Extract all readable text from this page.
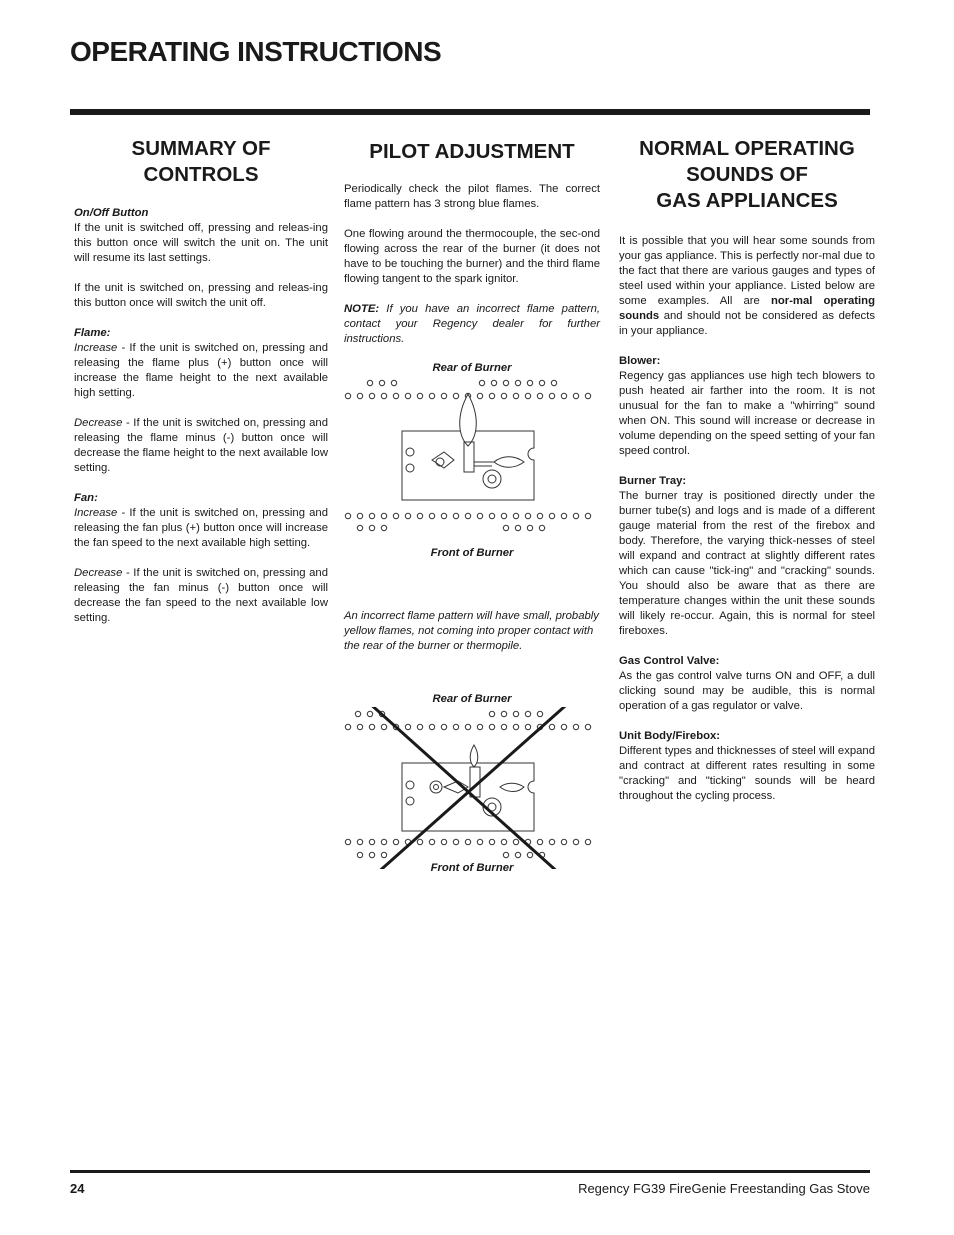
OPERATING INSTRUCTIONS
SUMMARY OF
CONTROLS

On/Off Button

If the unit is switched off, pressing and releas-ing this button once will switch the unit on. The unit will resume its last settings.

If the unit is switched on, pressing and releas-ing this button once will switch the unit off.

Flame:

Increase - If the unit is switched on, pressing and releasing the flame plus (+) button once will increase the flame height to the next available high setting.

Decrease - If the unit is switched on, pressing and releasing the flame minus (-) button once will decrease the flame height to the next available low setting.

Fan:

Increase - If the unit is switched on, pressing and releasing the fan plus (+) button once will increase the fan speed to the next available high setting.

Decrease - If the unit is switched on, pressing and releasing the fan minus (-) button once will decrease the fan speed to the next available low setting.

PILOT ADJUSTMENT

Periodically check the pilot flames. The correct flame pattern has 3 strong blue flames.

One flowing around the thermocouple, the sec-ond flowing across the rear of the burner (it does not have to be touching the burner) and the third flame flowing tangent to the spark ignitor.

NOTE: If you have an incorrect flame pattern, contact your Regency dealer for further instructions.

Rear of Burner
Front of Burner

An incorrect flame pattern will have small, probably yellow flames, not coming into proper contact with the rear of the burner or thermopile.

Rear of Burner
Front of Burner
NORMAL OPERATING
SOUNDS OF
GAS APPLIANCES

It is possible that you will hear some sounds from your gas appliance. This is perfectly nor-mal due to the fact that there are various gauges and types of steel used within your appliance. Listed below are some examples. All are nor-mal operating sounds and should not be considered as defects in your appliance.

Blower:

Regency gas appliances use high tech blowers to push heated air farther into the room. It is not unusual for the fan to make a "whirring" sound when ON. This sound will increase or decrease in volume depending on the speed setting of your fan speed control.

Burner Tray:

The burner tray is positioned directly under the burner tube(s) and logs and is made of a different gauge material from the rest of the firebox and body. Therefore, the varying thick-nesses of steel will expand and contract at slightly different rates which can cause "tick-ing" and "cracking" sounds. You should also be aware that as there are temperature changes within the unit these sounds will likely re-occur. Again, this is normal for steel fireboxes.

Gas Control Valve:

As the gas control valve turns ON and OFF, a dull clicking sound may be audible, this is normal operation of a gas regulator or valve.

Unit Body/Firebox:

Different types and thicknesses of steel will expand and contract at different rates resulting in some "cracking" and "ticking" sounds will be heard throughout the cycling process.

24	Regency FG39 FireGenie Freestanding Gas Stove
